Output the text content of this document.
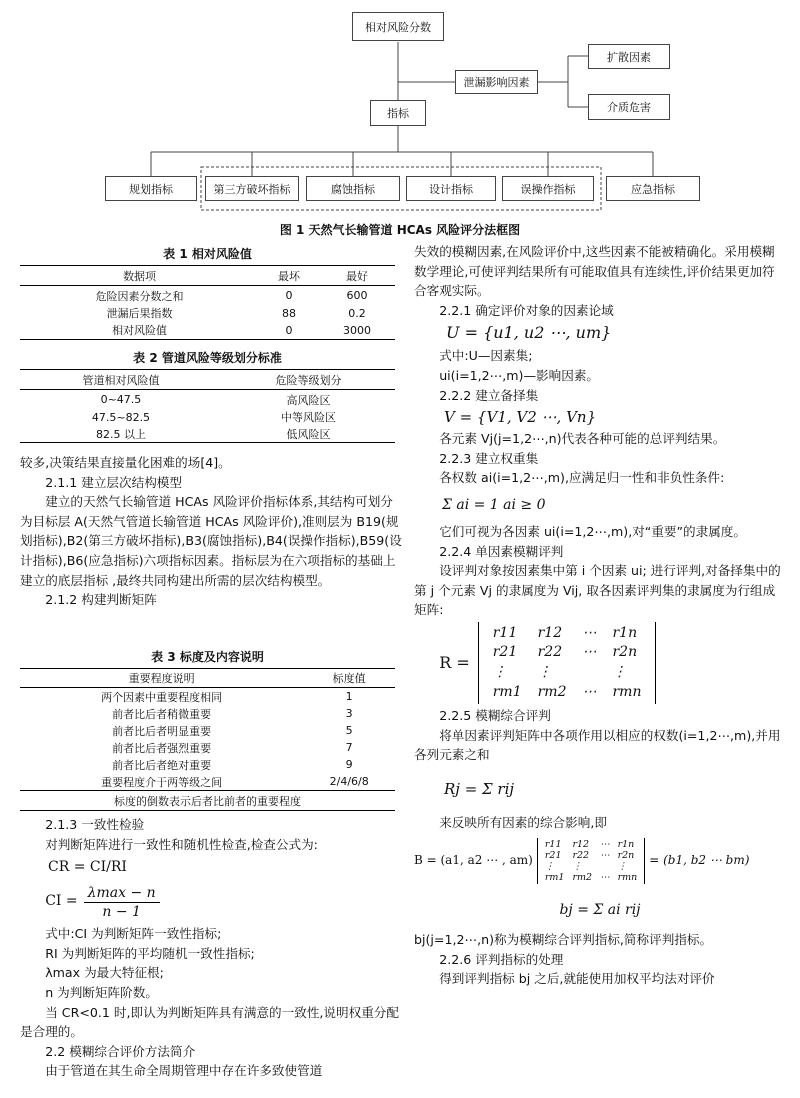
相对风险分数
泄漏影响因素
扩散因素
介质危害
指标
规划指标	第三方破坏指标	腐蚀指标	设计指标	误操作指标	应急指标
图 1 天然气长输管道 HCAs 风险评分法框图
表 1 相对风险值
数据项	最坏	最好
危险因素分数之和	0	600
泄漏后果指数	88	0.2
相对风险值	0	3000
表 2 管道风险等级划分标准
管道相对风险值	危险等级划分
0~47.5	高风险区
47.5~82.5	中等风险区
82.5 以上	低风险区

较多,决策结果直接量化困难的场[4]。

2.1.1 建立层次结构模型

建立的天然气长输管道 HCAs 风险评价指标体系,其结构可划分为目标层 A(天然气管道长输管道 HCAs 风险评价),准则层为 B19(规划指标),B2(第三方破坏指标),B3(腐蚀指标),B4(误操作指标),B59(设计指标),B6(应急指标)六项指标因素。指标层为在六项指标的基础上建立的底层指标 ,最终共同构建出所需的层次结构模型。

2.1.2 构建判断矩阵

表 3 标度及内容说明
重要程度说明	标度值
两个因素中重要程度相同	1
前者比后者稍微重要	3
前者比后者明显重要	5
前者比后者强烈重要	7
前者比后者绝对重要	9
重要程度介于两等级之间	2/4/6/8
标度的倒数表示后者比前者的重要程度	

2.1.3 一致性检验

对判断矩阵进行一致性和随机性检查,检查公式为:

CR = CI/RI

CI =
λmax − n
n − 1

式中:CI 为判断矩阵一致性指标;

RI 为判断矩阵的平均随机一致性指标;

λmax 为最大特征根;

n 为判断矩阵阶数。

当 CR<0.1 时,即认为判断矩阵具有满意的一致性,说明权重分配是合理的。

2.2 模糊综合评价方法简介

由于管道在其生命全周期管理中存在许多致使管道

失效的模糊因素,在风险评价中,这些因素不能被精确化。采用模糊数学理论,可使评判结果所有可能取值具有连续性,评价结果更加符合客观实际。

2.2.1 确定评价对象的因素论域

U = {u1, u2 ⋯, um}

式中:U—因素集;

ui(i=1,2⋯,m)—影响因素。

2.2.2 建立备择集

V = {V1, V2 ⋯, Vn}

各元素 Vj(j=1,2⋯,n)代表各种可能的总评判结果。

2.2.3 建立权重集

各权数 ai(i=1,2⋯,m),应满足归一性和非负性条件:

Σ ai = 1 ai ≥ 0

它们可视为各因素 ui(i=1,2⋯,m),对“重要”的隶属度。

2.2.4 单因素模糊评判

设评判对象按因素集中第 i 个因素 ui; 进行评判,对备择集中的第 j 个元素 Vj 的隶属度为 Vij, 取各因素评判集的隶属度为行组成矩阵:

R =
r11	r12	⋯	r1n
r21	r22	⋯	r2n
⋮	⋮		⋮
rm1	rm2	⋯	rmn

2.2.5 模糊综合评判

将单因素评判矩阵中各项作用以相应的权数(i=1,2⋯,m),并用各列元素之和

Rj = Σ rij

来反映所有因素的综合影响,即

B = (a1, a2 ⋯ , am)
r11	r12	⋯	r1n
r21	r22	⋯	r2n
⋮	⋮		⋮
rm1	rm2	⋯	rmn
= (b1, b2 ⋯ bm)

bj = Σ ai rij

bj(j=1,2⋯,n)称为模糊综合评判指标,简称评判指标。

2.2.6 评判指标的处理

得到评判指标 bj 之后,就能使用加权平均法对评价
